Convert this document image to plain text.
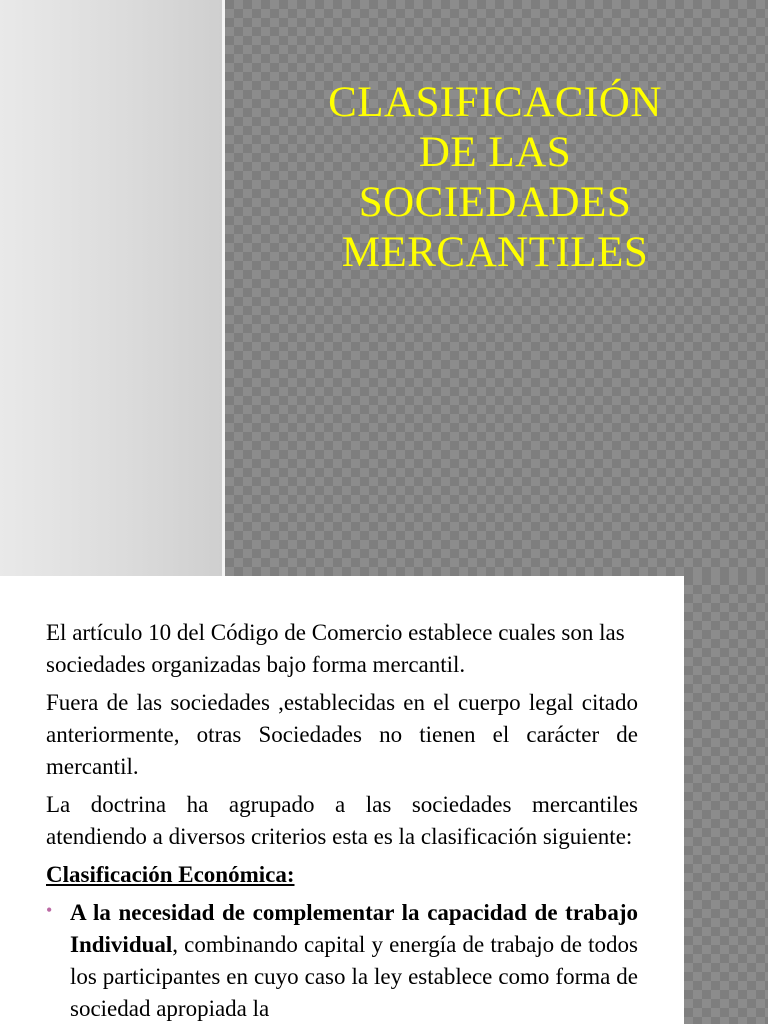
CLASIFICACIÓN
DE LAS
SOCIEDADES
MERCANTILES

El artículo 10 del Código de Comercio establece cuales son las sociedades organizadas bajo forma mercantil.

Fuera de las sociedades ,establecidas en el cuerpo legal citado anteriormente, otras Sociedades no tienen el carácter de mercantil.

La doctrina ha agrupado a las sociedades mercantiles atendiendo a diversos criterios esta es la clasificación siguiente:

Clasificación Económica:

• A la necesidad de complementar la capacidad de trabajo Individual, combinando capital y energía de trabajo de todos los participantes en cuyo caso la ley establece como forma de sociedad apropiada la
